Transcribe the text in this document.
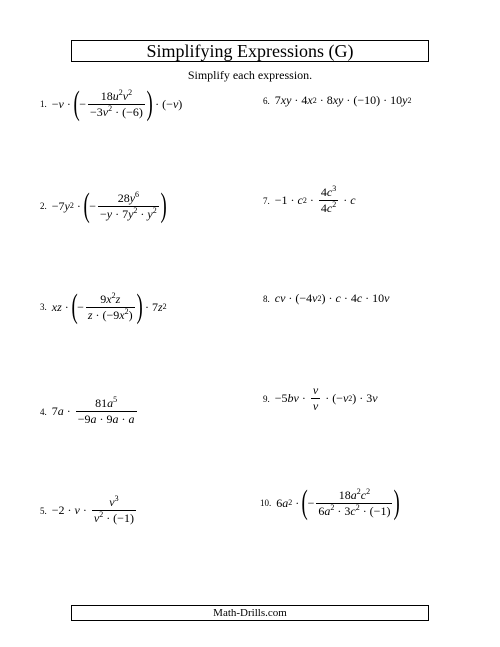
Simplifying Expressions (G)
Simplify each expression.
1. − v · ( − $\frac{18u^2v^2}{-3v^2 \cdot (-6)}$ ) · (− v )
2. −7 y 2 · ( − $\frac{28y^6}{-y \cdot 7y^2 \cdot y^2}$ )
3. xz · ( − $\frac{9x^2z}{z \cdot (-9x^2)}$ ) · 7 z 2
4. 7 $a \cdot \frac{81a^5}{-9a \cdot 9a \cdot a}$
5. $-2 \cdot v \cdot \frac{v^3}{v^2 \cdot (-1)}$
6. 7 xy · 4 x 2 · 8 xy · (−10) · 10 y 2
7. −1 · c $2 \cdot \frac{4c^3}{4c^2} \cdot c$
8. cv · (−4 v 2 ) · c · 4 c · 10 v
9. −5 bv · $\frac{v}{v}$ · (− v 2 ) · 3 v
10. 6 a 2 · ( − $\frac{18a^2c^2}{6a^2 \cdot 3c^2 \cdot (-1)}$ )
Math-Drills.com
